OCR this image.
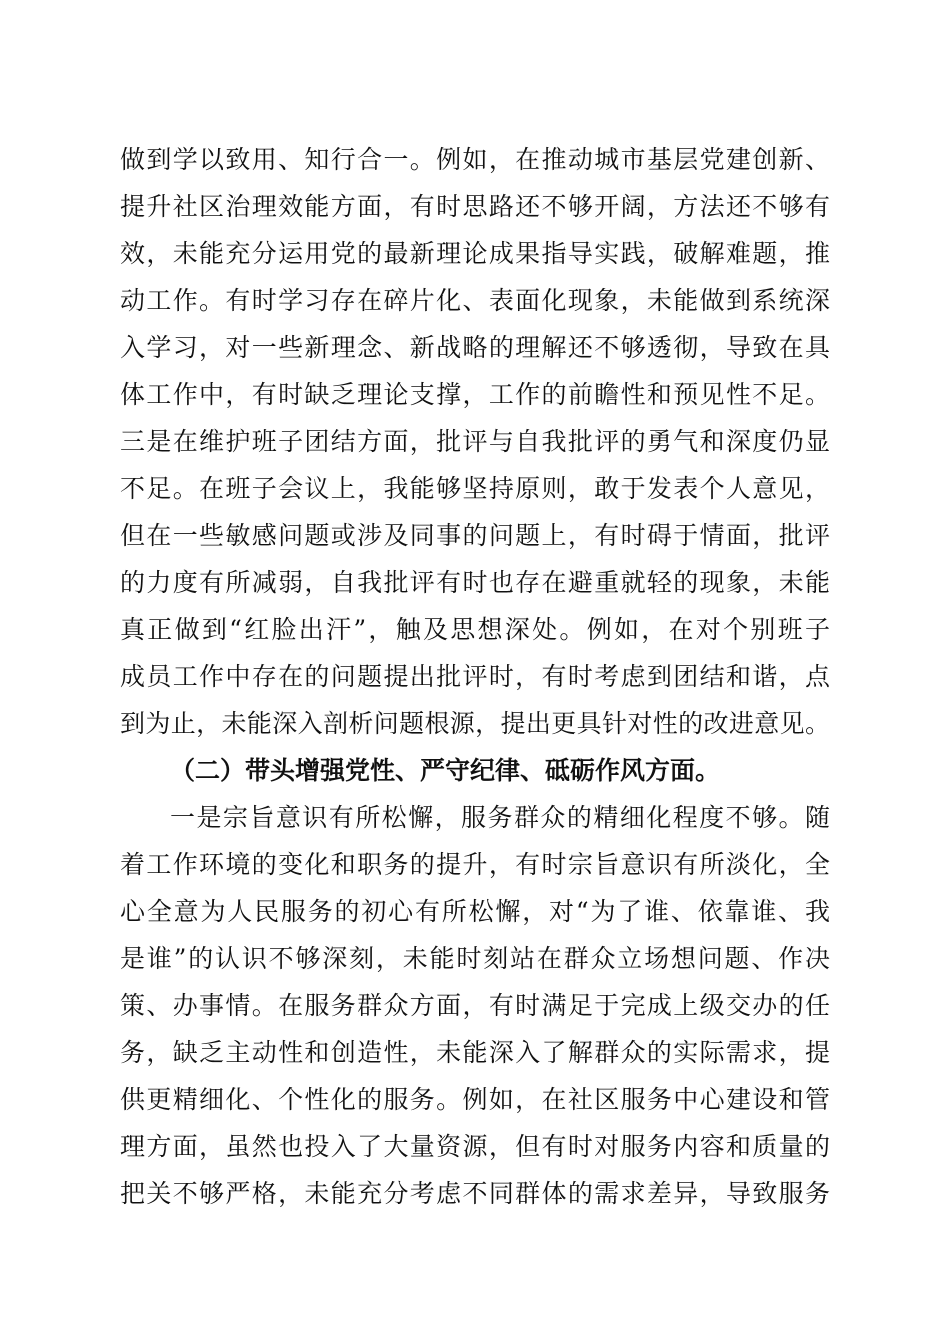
做到学以致用、知行合一。例如，在推动城市基层党建创新、
提升社区治理效能方面，有时思路还不够开阔，方法还不够有
效，未能充分运用党的最新理论成果指导实践，破解难题，推
动工作。有时学习存在碎片化、表面化现象，未能做到系统深
入学习，对一些新理念、新战略的理解还不够透彻，导致在具
体工作中，有时缺乏理论支撑，工作的前瞻性和预见性不足。
三是在维护班子团结方面，批评与自我批评的勇气和深度仍显
不足。在班子会议上，我能够坚持原则，敢于发表个人意见，
但在一些敏感问题或涉及同事的问题上，有时碍于情面，批评
的力度有所减弱，自我批评有时也存在避重就轻的现象，未能
真正做到“红脸出汗”，触及思想深处。例如，在对个别班子
成员工作中存在的问题提出批评时，有时考虑到团结和谐，点
到为止，未能深入剖析问题根源，提出更具针对性的改进意见。
（二）带头增强党性、严守纪律、砥砺作风方面。
一是宗旨意识有所松懈，服务群众的精细化程度不够。随
着工作环境的变化和职务的提升，有时宗旨意识有所淡化，全
心全意为人民服务的初心有所松懈，对“为了谁、依靠谁、我
是谁”的认识不够深刻，未能时刻站在群众立场想问题、作决
策、办事情。在服务群众方面，有时满足于完成上级交办的任
务，缺乏主动性和创造性，未能深入了解群众的实际需求，提
供更精细化、个性化的服务。例如，在社区服务中心建设和管
理方面，虽然也投入了大量资源，但有时对服务内容和质量的
把关不够严格，未能充分考虑不同群体的需求差异，导致服务
